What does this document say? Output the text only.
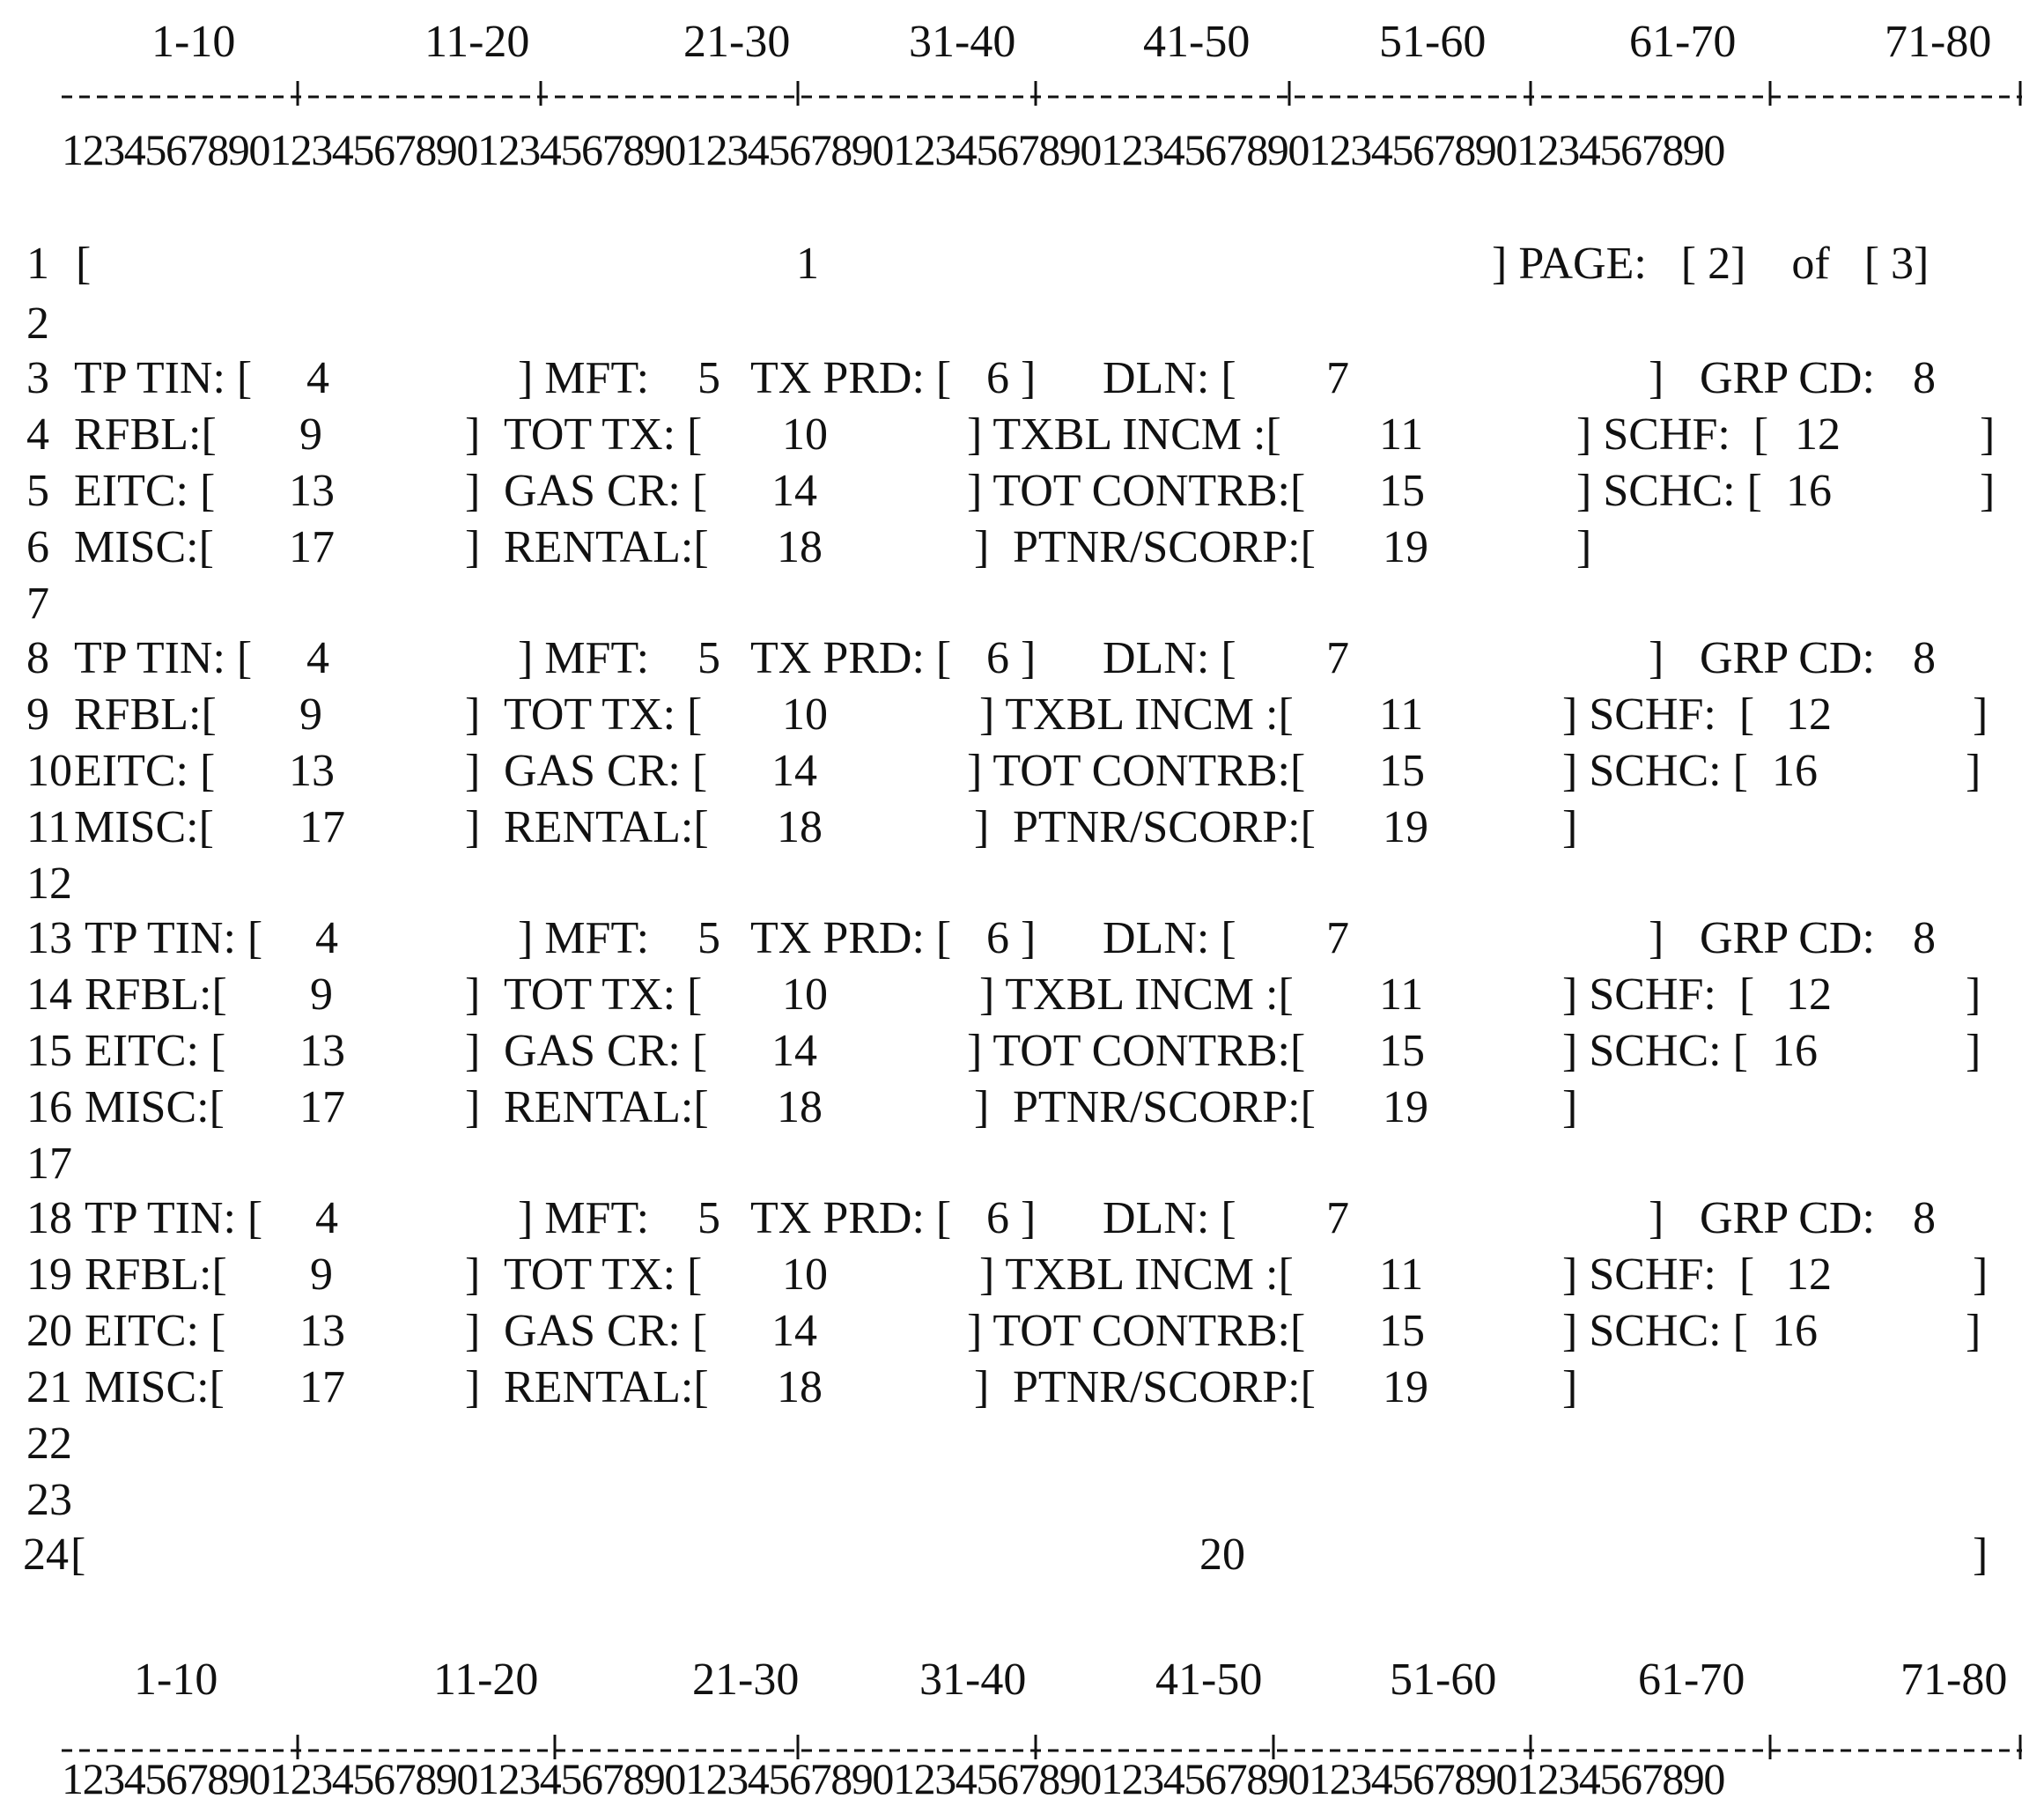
1-10	11-20	21-30	31-40	41-50	51-60	61-70	71-80
12345678901234567890123456789012345678901234567890123456789012345678901234567890
1 [	1	] PAGE:   [ 2]    of   [ 3]
2
3 TP TIN: [ 4	] MFT: 5 TX PRD: [ 6 ] DLN: [ 7	] GRP CD: 8
4 RFBL:[ 9	] TOT TX: [ 10	] TXBL INCM :[ 11	] SCHF:  [ 12	]
5 EITC: [ 13	] GAS CR: [ 14	] TOT CONTRB:[ 15	] SCHC: [ 16	]
6 MISC:[ 17	] RENTAL:[ 18	] PTNR/SCORP:[ 19	]
7
8 TP TIN: [ 4	] MFT: 5 TX PRD: [ 6 ] DLN: [ 7	] GRP CD: 8
9 RFBL:[ 9	] TOT TX: [ 10	] TXBL INCM :[ 11	] SCHF:  [ 12	]
10 EITC: [ 13	] GAS CR: [ 14	] TOT CONTRB:[ 15	] SCHC: [ 16	]
11 MISC:[ 17	] RENTAL:[ 18	] PTNR/SCORP:[ 19	]
12
13 TP TIN: [ 4	] MFT: 5 TX PRD: [ 6 ] DLN: [ 7	] GRP CD: 8
14 RFBL:[ 9	] TOT TX: [ 10	] TXBL INCM :[ 11	] SCHF:  [ 12	]
15 EITC: [ 13	] GAS CR: [ 14	] TOT CONTRB:[ 15	] SCHC: [ 16	]
16 MISC:[ 17	] RENTAL:[ 18	] PTNR/SCORP:[ 19	]
17
18 TP TIN: [ 4	] MFT: 5 TX PRD: [ 6 ] DLN: [ 7	] GRP CD: 8
19 RFBL:[ 9	] TOT TX: [ 10	] TXBL INCM :[ 11	] SCHF:  [ 12	]
20 EITC: [ 13	] GAS CR: [ 14	] TOT CONTRB:[ 15	] SCHC: [ 16	]
21 MISC:[ 17	] RENTAL:[ 18	] PTNR/SCORP:[ 19	]
22
23
24 [	20	]
1-10	11-20	21-30	31-40	41-50	51-60	61-70	71-80
12345678901234567890123456789012345678901234567890123456789012345678901234567890
